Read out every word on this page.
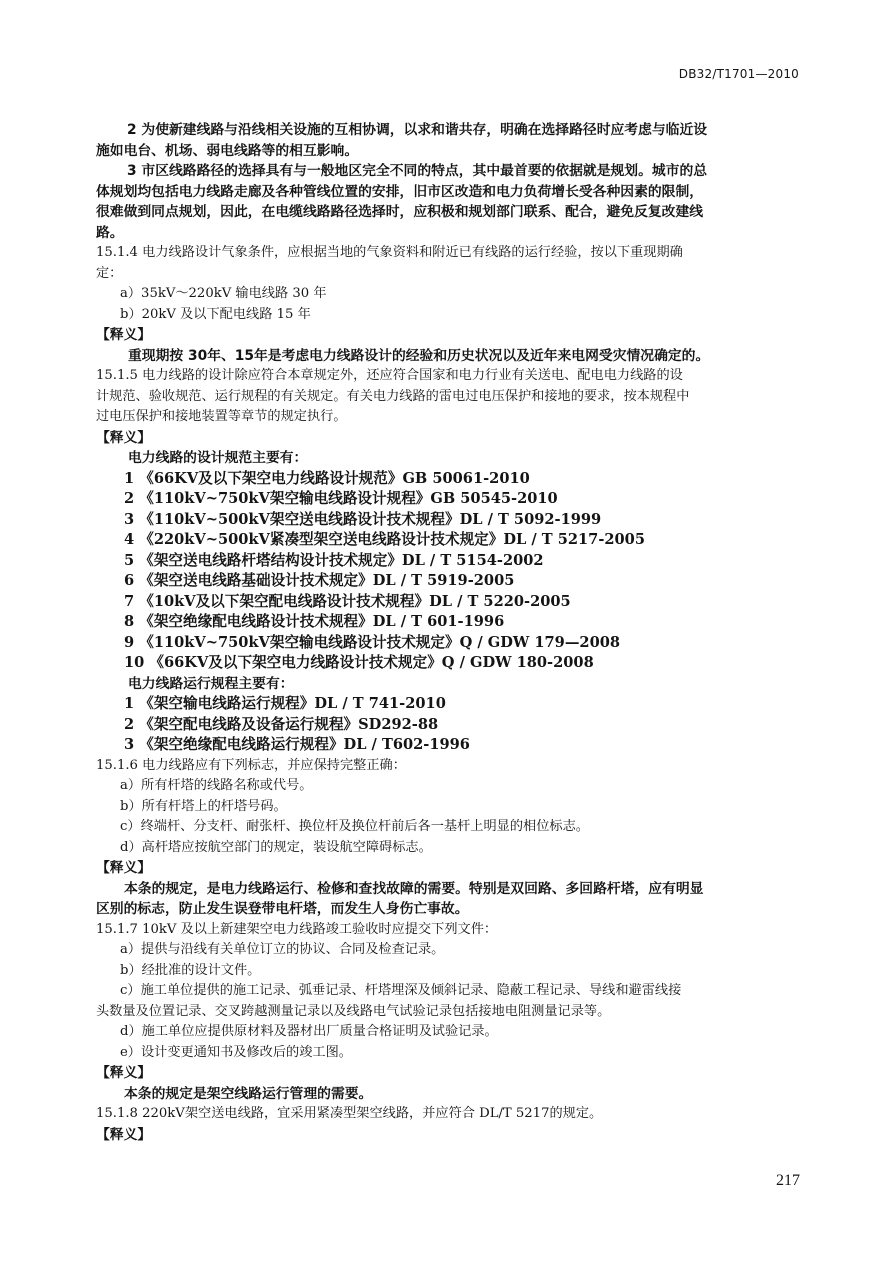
DB32/T1701—2010
2 为使新建线路与沿线相关设施的互相协调，以求和谐共存，明确在选择路径时应考虑与临近设
施如电台、机场、弱电线路等的相互影响。
3 市区线路路径的选择具有与一般地区完全不同的特点，其中最首要的依据就是规划。城市的总
体规划均包括电力线路走廊及各种管线位置的安排，旧市区改造和电力负荷增长受各种因素的限制，
很难做到同点规划，因此，在电缆线路路径选择时，应积极和规划部门联系、配合，避免反复改建线
路。
15.1.4 电力线路设计气象条件，应根据当地的气象资料和附近已有线路的运行经验，按以下重现期确
定：
a）35kV～220kV 输电线路 30 年
b）20kV 及以下配电线路 15 年
【释义】
重现期按 30年、15年是考虑电力线路设计的经验和历史状况以及近年来电网受灾情况确定的。
15.1.5 电力线路的设计除应符合本章规定外，还应符合国家和电力行业有关送电、配电电力线路的设
计规范、验收规范、运行规程的有关规定。有关电力线路的雷电过电压保护和接地的要求，按本规程中
过电压保护和接地装置等章节的规定执行。
【释义】
电力线路的设计规范主要有：
1 《66KV及以下架空电力线路设计规范》GB 50061-2010
2 《110kV~750kV架空输电线路设计规程》GB 50545-2010
3 《110kV~500kV架空送电线路设计技术规程》DL / T 5092-1999
4 《220kV~500kV紧凑型架空送电线路设计技术规定》DL / T 5217-2005
5 《架空送电线路杆塔结构设计技术规定》DL / T 5154-2002
6 《架空送电线路基础设计技术规定》DL / T 5919-2005
7 《10kV及以下架空配电线路设计技术规程》DL / T 5220-2005
8 《架空绝缘配电线路设计技术规程》DL / T 601-1996
9 《110kV~750kV架空输电线路设计技术规定》Q / GDW 179—2008
10 《66KV及以下架空电力线路设计技术规定》Q / GDW 180-2008
电力线路运行规程主要有：
1 《架空输电线路运行规程》DL / T 741-2010
2 《架空配电线路及设备运行规程》SD292-88
3 《架空绝缘配电线路运行规程》DL / T602-1996
15.1.6 电力线路应有下列标志，并应保持完整正确：
a）所有杆塔的线路名称或代号。
b）所有杆塔上的杆塔号码。
c）终端杆、分支杆、耐张杆、换位杆及换位杆前后各一基杆上明显的相位标志。
d）高杆塔应按航空部门的规定，装设航空障碍标志。
【释义】
本条的规定，是电力线路运行、检修和查找故障的需要。特别是双回路、多回路杆塔，应有明显
区别的标志，防止发生误登带电杆塔，而发生人身伤亡事故。
15.1.7 10kV 及以上新建架空电力线路竣工验收时应提交下列文件：
a）提供与沿线有关单位订立的协议、合同及检查记录。
b）经批准的设计文件。
c）施工单位提供的施工记录、弧垂记录、杆塔埋深及倾斜记录、隐蔽工程记录、导线和避雷线接
头数量及位置记录、交叉跨越测量记录以及线路电气试验记录包括接地电阻测量记录等。
d）施工单位应提供原材料及器材出厂质量合格证明及试验记录。
e）设计变更通知书及修改后的竣工图。
【释义】
本条的规定是架空线路运行管理的需要。
15.1.8 220kV架空送电线路，宜采用紧凑型架空线路，并应符合 DL/T 5217的规定。
【释义】
217
